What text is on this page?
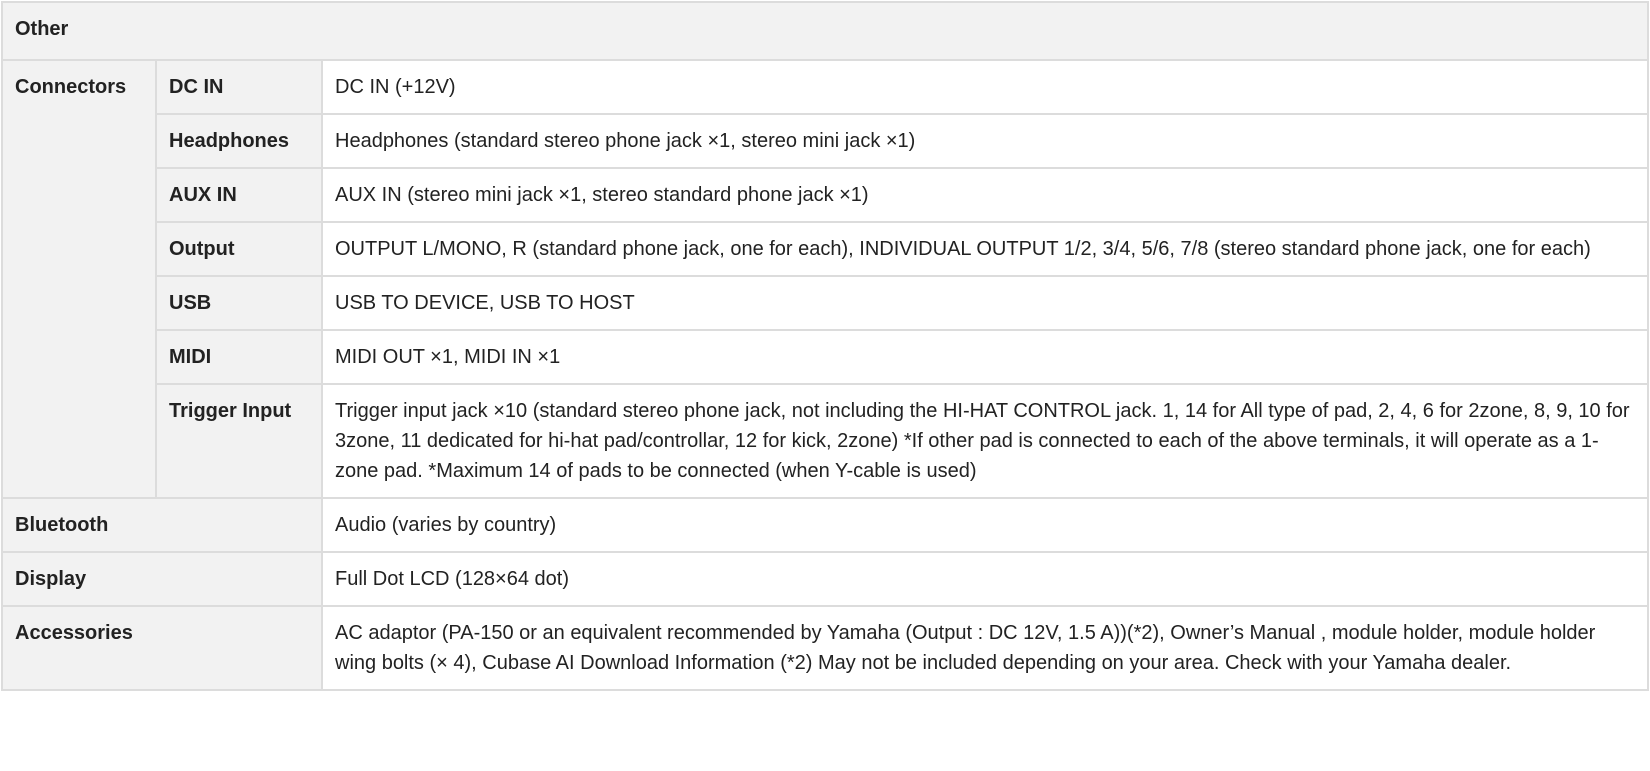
Other		
Connectors	DC IN	DC IN (+12V)
	Headphones	Headphones (standard stereo phone jack ×1, stereo mini jack ×1)
	AUX IN	AUX IN (stereo mini jack ×1, stereo standard phone jack ×1)
	Output	OUTPUT L/MONO, R (standard phone jack, one for each), INDIVIDUAL OUTPUT 1/2, 3/4, 5/6, 7/8 (stereo standard phone jack, one for each)
	USB	USB TO DEVICE, USB TO HOST
	MIDI	MIDI OUT ×1, MIDI IN ×1
	Trigger Input	Trigger input jack ×10 (standard stereo phone jack, not including the HI-HAT CONTROL jack. 1, 14 for All type of pad, 2, 4, 6 for 2zone, 8, 9, 10 for 3zone, 11 dedicated for hi-hat pad/controllar, 12 for kick, 2zone) *If other pad is connected to each of the above terminals, it will operate as a 1-zone pad. *Maximum 14 of pads to be connected (when Y-cable is used)
Bluetooth		Audio (varies by country)
Display		Full Dot LCD (128×64 dot)
Accessories		AC adaptor (PA-150 or an equivalent recommended by Yamaha (Output : DC 12V, 1.5 A))(*2), Owner’s Manual , module holder, module holder wing bolts (× 4), Cubase AI Download Information (*2) May not be included depending on your area. Check with your Yamaha dealer.
